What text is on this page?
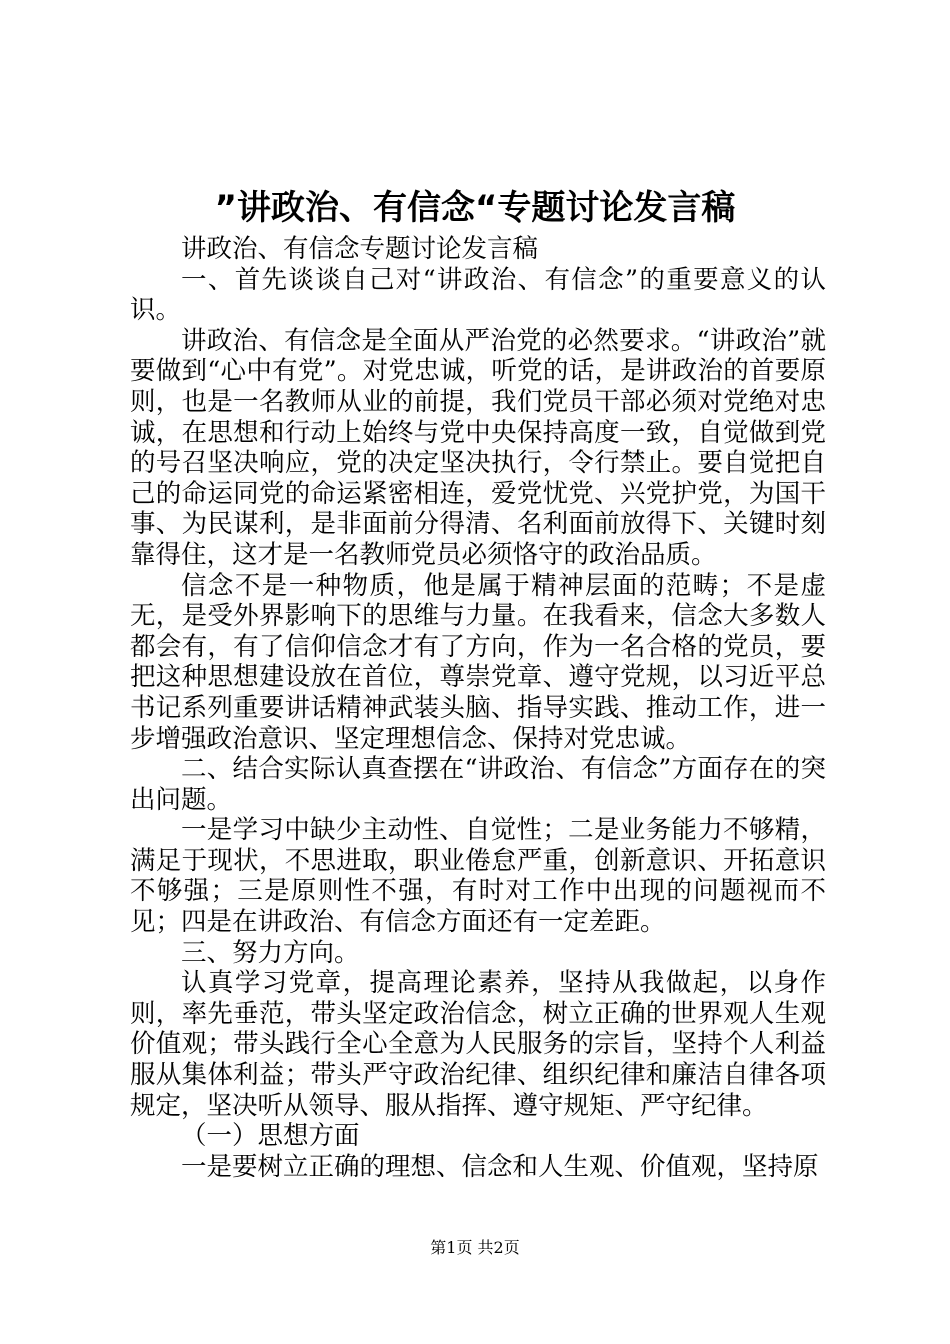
”讲政治、有信念“专题讨论发言稿

讲政治、有信念专题讨论发言稿

一、首先谈谈自己对“讲政治、有信念”的重要意义的认识。

讲政治、有信念是全面从严治党的必然要求。“讲政治”就要做到“心中有党”。对党忠诚，听党的话，是讲政治的首要原则，也是一名教师从业的前提，我们党员干部必须对党绝对忠诚，在思想和行动上始终与党中央保持高度一致，自觉做到党的号召坚决响应，党的决定坚决执行，令行禁止。要自觉把自己的命运同党的命运紧密相连，爱党忧党、兴党护党，为国干事、为民谋利，是非面前分得清、名利面前放得下、关键时刻靠得住，这才是一名教师党员必须恪守的政治品质。

信念不是一种物质，他是属于精神层面的范畴；不是虚无，是受外界影响下的思维与力量。在我看来，信念大多数人都会有，有了信仰信念才有了方向，作为一名合格的党员，要把这种思想建设放在首位，尊崇党章、遵守党规，以习近平总书记系列重要讲话精神武装头脑、指导实践、推动工作，进一步增强政治意识、坚定理想信念、保持对党忠诚。

二、结合实际认真查摆在“讲政治、有信念”方面存在的突出问题。

一是学习中缺少主动性、自觉性；二是业务能力不够精，满足于现状，不思进取，职业倦怠严重，创新意识、开拓意识不够强；三是原则性不强，有时对工作中出现的问题视而不见；四是在讲政治、有信念方面还有一定差距。

三、努力方向。

认真学习党章，提高理论素养，坚持从我做起，以身作则，率先垂范，带头坚定政治信念，树立正确的世界观人生观价值观；带头践行全心全意为人民服务的宗旨，坚持个人利益服从集体利益；带头严守政治纪律、组织纪律和廉洁自律各项规定，坚决听从领导、服从指挥、遵守规矩、严守纪律。

（一）思想方面

一是要树立正确的理想、信念和人生观、价值观，坚持原

第1页 共2页
